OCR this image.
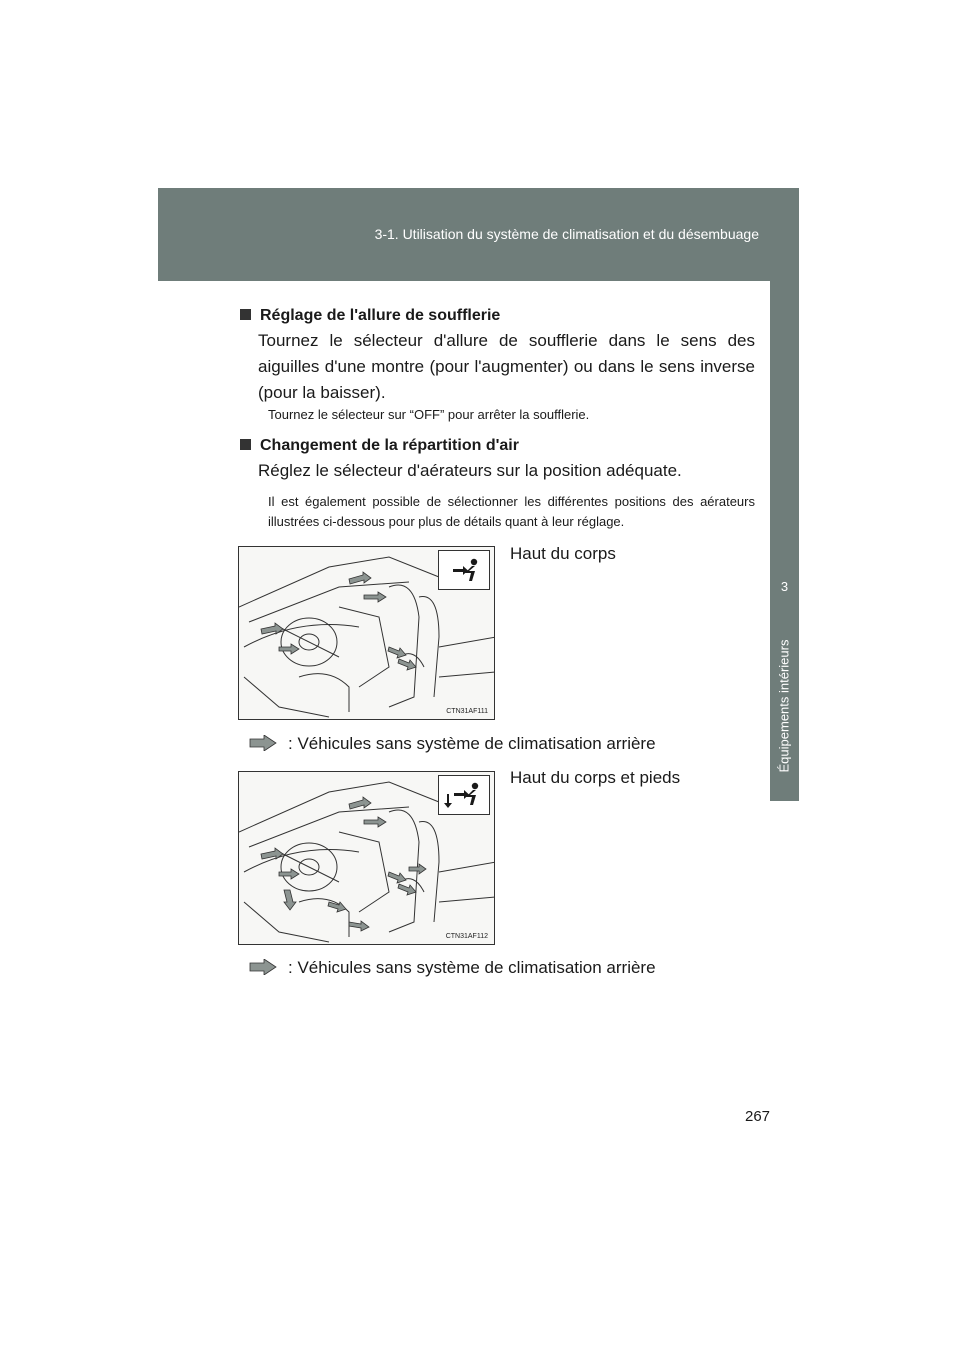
3-1. Utilisation du système de climatisation et du désembuage
3
Équipements intérieurs
Réglage de l'allure de soufflerie
Tournez le sélecteur d'allure de soufflerie dans le sens des aiguilles d'une montre (pour l'augmenter) ou dans le sens inverse (pour la baisser).
Tournez le sélecteur sur “OFF” pour arrêter la soufflerie.
Changement de la répartition d'air
Réglez le sélecteur d'aérateurs sur la position adéquate.
Il est également possible de sélectionner les différentes positions des aérateurs illustrées ci-dessous pour plus de détails quant à leur réglage.
CTN31AF111
Haut du corps
: Véhicules sans système de climatisation arrière
CTN31AF112
Haut du corps et pieds
: Véhicules sans système de climatisation arrière
267
